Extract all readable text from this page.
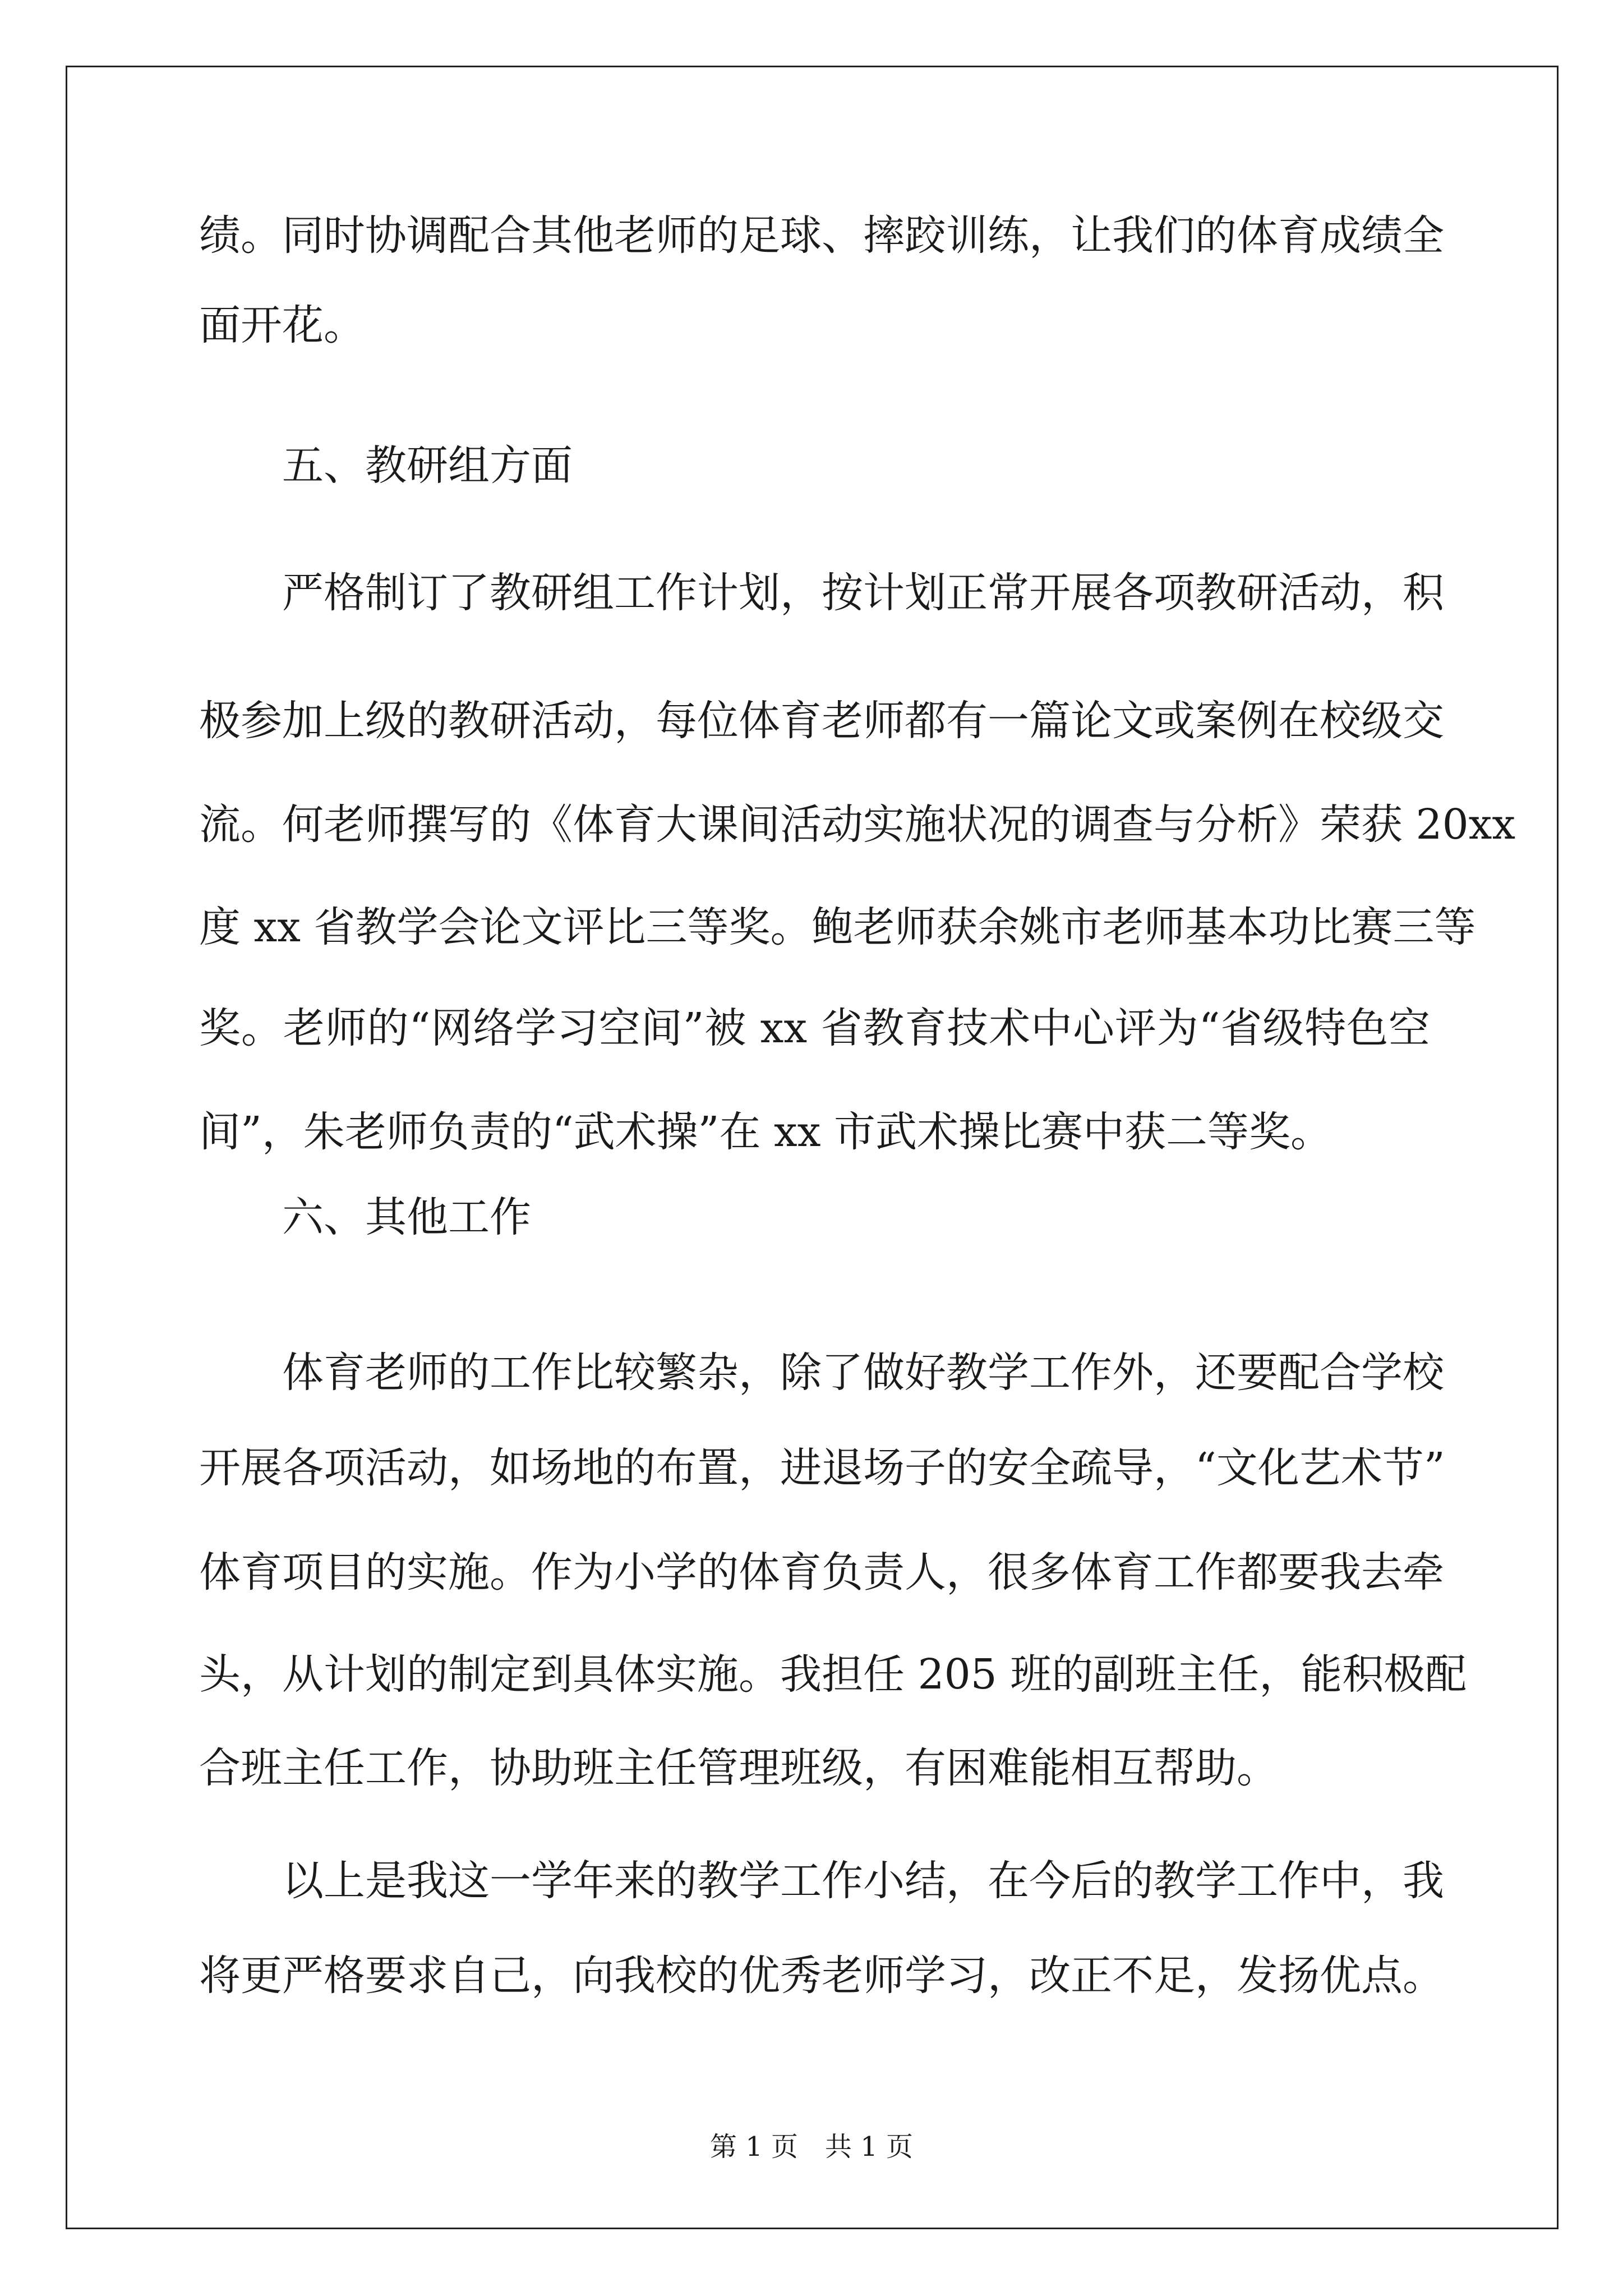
绩。同时协调配合其他老师的足球、摔跤训练，让我们的体育成绩全
面开花。
五、教研组方面
严格制订了教研组工作计划，按计划正常开展各项教研活动，积
极参加上级的教研活动，每位体育老师都有一篇论文或案例在校级交
流。何老师撰写的《体育大课间活动实施状况的调查与分析》荣获 20xx
度 xx 省教学会论文评比三等奖。鲍老师获余姚市老师基本功比赛三等
奖。老师的“网络学习空间”被 xx 省教育技术中心评为“省级特色空
间”，朱老师负责的“武术操”在 xx 市武术操比赛中获二等奖。
六、其他工作
体育老师的工作比较繁杂，除了做好教学工作外，还要配合学校
开展各项活动，如场地的布置，进退场子的安全疏导，“文化艺术节”
体育项目的实施。作为小学的体育负责人，很多体育工作都要我去牵
头，从计划的制定到具体实施。我担任 205 班的副班主任，能积极配
合班主任工作，协助班主任管理班级，有困难能相互帮助。
以上是我这一学年来的教学工作小结，在今后的教学工作中，我
将更严格要求自己，向我校的优秀老师学习，改正不足，发扬优点。
第 1 页　共 1 页
